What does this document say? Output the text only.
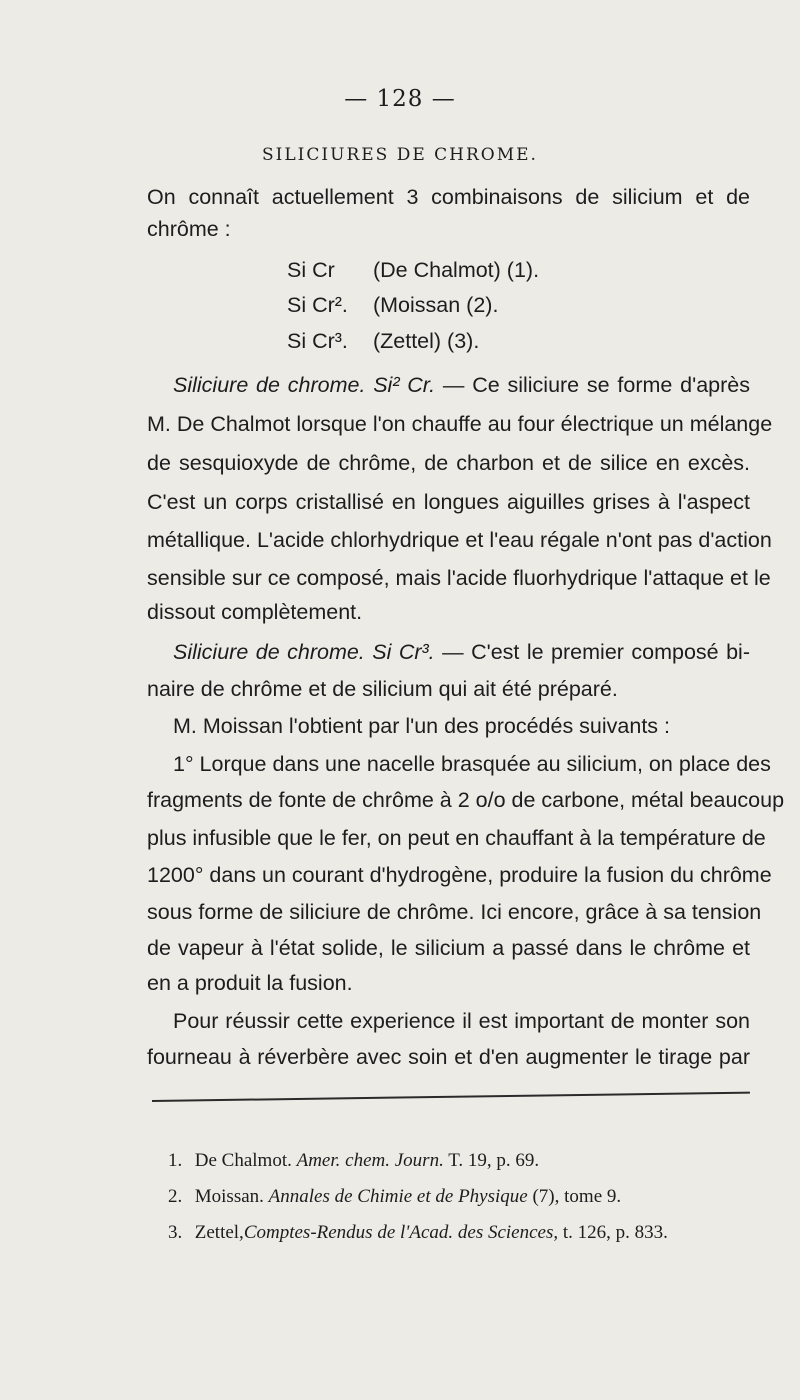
— 128 —
SILICIURES DE CHROME.
On connaît actuellement 3 combinaisons de silicium et de
chrôme :
Si Cr (De Chalmot) (1).
Si Cr². (Moissan (2).
Si Cr³. (Zettel) (3).
Siliciure de chrome. Si² Cr. — Ce siliciure se forme d'après
M. De Chalmot lorsque l'on chauffe au four électrique un mélange
de sesquioxyde de chrôme, de charbon et de silice en excès.
C'est un corps cristallisé en longues aiguilles grises à l'aspect
métallique. L'acide chlorhydrique et l'eau régale n'ont pas d'action
sensible sur ce composé, mais l'acide fluorhydrique l'attaque et le
dissout complètement.
Siliciure de chrome. Si Cr³. — C'est le premier composé bi-
naire de chrôme et de silicium qui ait été préparé.
M. Moissan l'obtient par l'un des procédés suivants :
1° Lorque dans une nacelle brasquée au silicium, on place des
fragments de fonte de chrôme à 2 o/o de carbone, métal beaucoup
plus infusible que le fer, on peut en chauffant à la température de
1200° dans un courant d'hydrogène, produire la fusion du chrôme
sous forme de siliciure de chrôme. Ici encore, grâce à sa tension
de vapeur à l'état solide, le silicium a passé dans le chrôme et
en a produit la fusion.
Pour réussir cette experience il est important de monter son
fourneau à réverbère avec soin et d'en augmenter le tirage par
1. De Chalmot. Amer. chem. Journ. T. 19, p. 69.
2. Moissan. Annales de Chimie et de Physique (7), tome 9.
3. Zettel,Comptes-Rendus de l'Acad. des Sciences, t. 126, p. 833.
